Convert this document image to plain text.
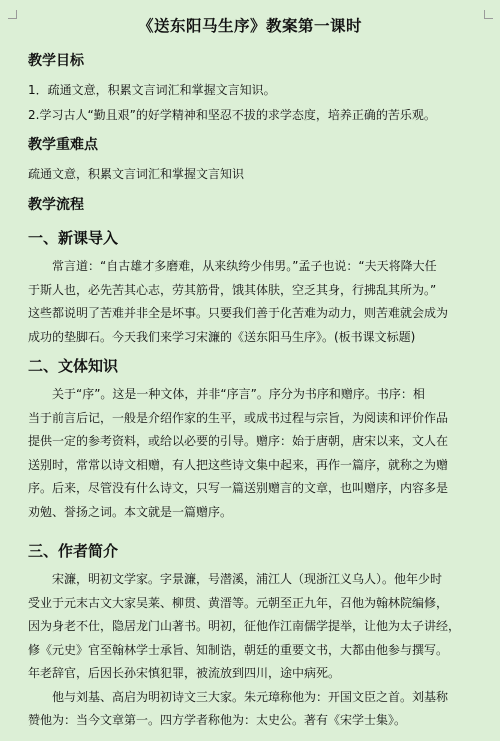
《送东阳马生序》教案第一课时
教学目标
1．疏通文意，积累文言词汇和掌握文言知识。
2.学习古人“勤且艰”的好学精神和坚忍不拔的求学态度，培养正确的苦乐观。
教学重难点
疏通文意，积累文言词汇和掌握文言知识
教学流程
一、新课导入

常言道：“自古雄才多磨难，从来纨绔少伟男。”孟子也说：“夫天将降大任

于斯人也，必先苦其心志，劳其筋骨，饿其体肤，空乏其身，行拂乱其所为。”

这些都说明了苦难并非全是坏事。只要我们善于化苦难为动力，则苦难就会成为

成功的垫脚石。今天我们来学习宋濂的《送东阳马生序》。(板书课文标题)

二、文体知识

关于“序”。这是一种文体，并非“序言”。序分为书序和赠序。书序：相

当于前言后记，一般是介绍作家的生平，或成书过程与宗旨，为阅读和评价作品

提供一定的参考资料，或给以必要的引导。赠序：始于唐朝，唐宋以来，文人在

送别时，常常以诗文相赠，有人把这些诗文集中起来，再作一篇序，就称之为赠

序。后来，尽管没有什么诗文，只写一篇送别赠言的文章，也叫赠序，内容多是

劝勉、誉扬之词。本文就是一篇赠序。

三、作者简介

宋濂，明初文学家。字景濂，号潜溪，浦江人（现浙江义乌人）。他年少时

受业于元末古文大家吴莱、柳贯、黄溍等。元朝至正九年，召他为翰林院编修，

因为身老不仕，隐居龙门山著书。明初，征他作江南儒学提举，让他为太子讲经，

修《元史》官至翰林学士承旨、知制诰，朝廷的重要文书，大都由他参与撰写。

年老辞官，后因长孙宋慎犯罪，被流放到四川，途中病死。

他与刘基、高启为明初诗文三大家。朱元璋称他为：开国文臣之首。刘基称

赞他为：当今文章第一。四方学者称他为：太史公。著有《宋学士集》。
